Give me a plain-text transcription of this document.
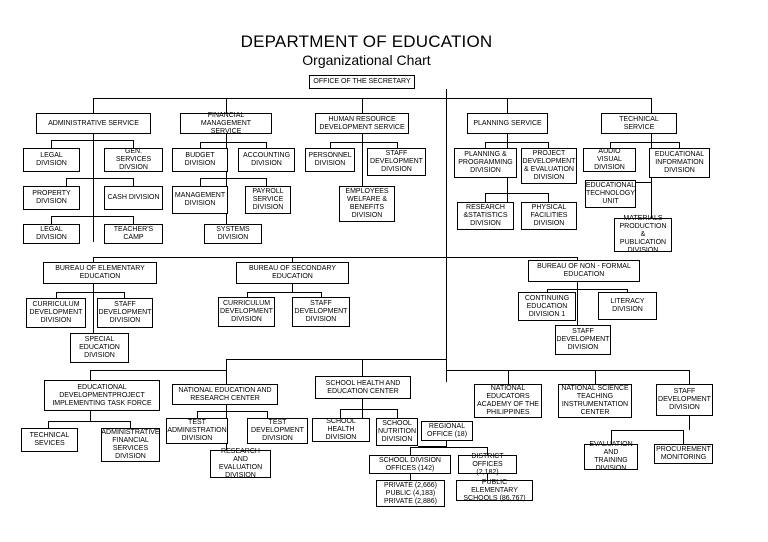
DEPARTMENT OF EDUCATION
Organizational Chart
OFFICE OF THE SECRETARY
ADMINISTRATIVE SERVICE
FINANCIAL MANAGEMENT
SERVICE
HUMAN RESOURCE
DEVELOPMENT SERVICE
PLANNING SERVICE
TECHNICAL SERVICE
LEGAL DIVISION
GEN. SERVICES
DIVSION
PROPERTY
DIVISION
CASH DIVISION
LEGAL DIVISION
TEACHER'S
CAMP
BUDGET
DIVISION
ACCOUNTING
DIVISION
MANAGEMENT
DIVISION
PAYROLL
SERVICE
DIVISION
SYSTEMS
DIVISION
PERSONNEL
DIVISION
STAFF
DEVELOPMENT
DIVISION
EMPLOYEES
WELFARE &
BENEFITS
DIVISION
PLANNING &
PROGRAMMING
DIVISION
PROJECT
DEVELOPMENT
& EVALUATION
DIVISION
RESEARCH
&STATISTICS
DIVISION
PHYSICAL
FACILITIES
DIVISION
AUDIO VISUAL
DIVISION
EDUCATIONAL
INFORMATION
DIVISION
EDUCATIONAL
TECHNOLOGY
UNIT
MATERIALS
PRODUCTION &
PUBLICATION
DIVISION
BUREAU OF ELEMENTARY
EDUCATION
BUREAU OF SECONDARY
EDUCATION
BUREAU OF NON - FORMAL
EDUCATION
CURRICULUM
DEVELOPMENT
DIVISION
STAFF
DEVELOPMENT
DIVISION
SPECIAL
EDUCATION
DIVISION
CURRICULUM
DEVELOPMENT
DIVISION
STAFF
DEVELOPMENT
DIVISION
CONTINUING
EDUCATION
DIVISION 1
LITERACY
DIVISION
STAFF
DEVELOPMENT
DIVISION
EDUCATIONAL
DEVELOPMENTPROJECT
IMPLEMENTING TASK FORCE
NATIONAL EDUCATION AND
RESEARCH CENTER
SCHOOL HEALTH AND
EDUCATION CENTER	NATIONAL
EDUCATORS
ACADEMY OF THE
PHILIPPINES
NATIONAL SCIENCE
TEACHING
INSTRUMENTATION
CENTER
STAFF
DEVELOPMENT
DIVISION
TECHNICAL
SEVICES
ADMINISTRATIVE
FINANCIAL
SERVICES
DIVISION
TEST
ADMINISTRATION
DIVISION
TEST
DEVELOPMENT
DIVISION
RESEARCH AND
EVALUATION
DIVISION
SCHOOL HEALTH
DIVISION
SCHOOL
NUTRITION
DIVISION
REGIONAL
OFFICE (18)
SCHOOL DIVISION
OFFICES (142)
DISTRICT
OFFICES (2,182)
PRIVATE (2,666)
PUBLIC (4,183)
PRIVATE (2,886)
PUBLIC ELEMENTARY
SCHOOLS (86,767)
EVALUATION
AND TRAINING
DIVISION
PROCUREMENT
MONITORING
